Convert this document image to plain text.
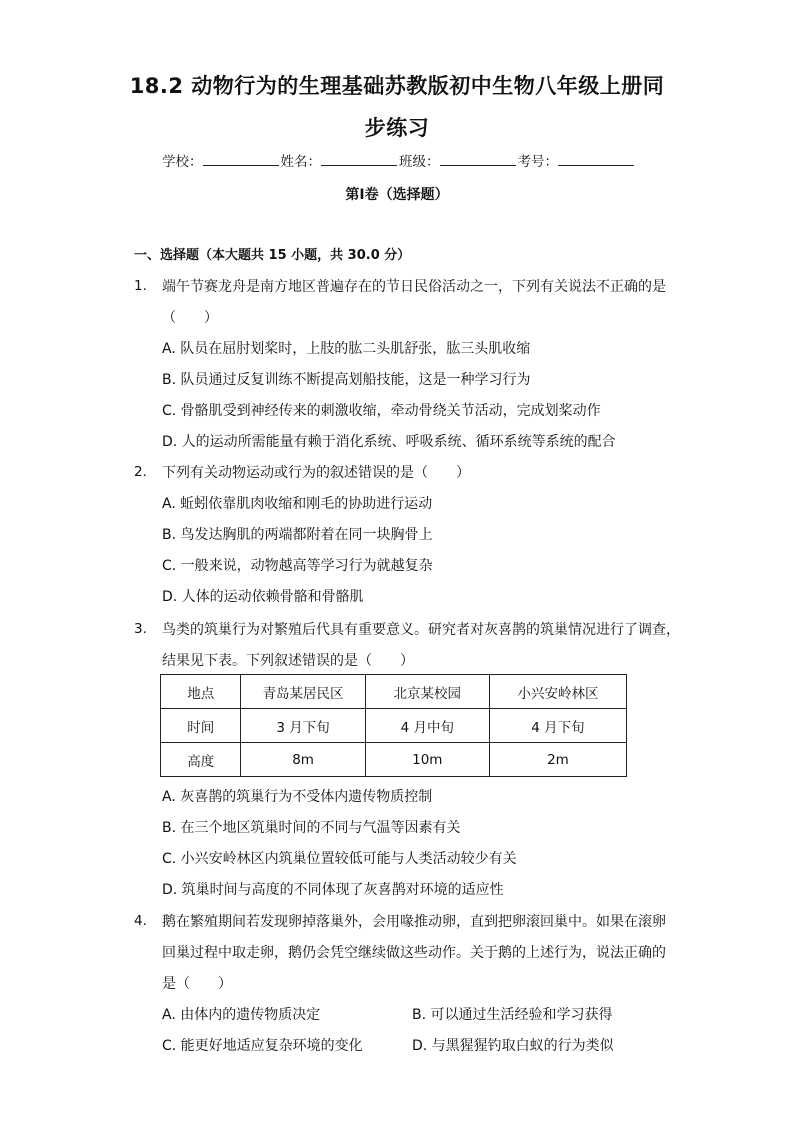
18.2 动物行为的生理基础苏教版初中生物八年级上册同
步练习
学校：	姓名：	班级：	考号：
第I卷（选择题）
一、选择题（本大题共 15 小题，共 30.0 分）
1. 端午节赛龙舟是南方地区普遍存在的节日民俗活动之一，下列有关说法不正确的是
（　　）
A. 队员在屈肘划桨时，上肢的肱二头肌舒张，肱三头肌收缩
B. 队员通过反复训练不断提高划船技能，这是一种学习行为
C. 骨骼肌受到神经传来的刺激收缩，牵动骨绕关节活动，完成划桨动作
D. 人的运动所需能量有赖于消化系统、呼吸系统、循环系统等系统的配合
2. 下列有关动物运动或行为的叙述错误的是（　　）
A. 蚯蚓依靠肌肉收缩和刚毛的协助进行运动
B. 鸟发达胸肌的两端都附着在同一块胸骨上
C. 一般来说，动物越高等学习行为就越复杂
D. 人体的运动依赖骨骼和骨骼肌
3. 鸟类的筑巢行为对繁殖后代具有重要意义。研究者对灰喜鹊的筑巢情况进行了调查，
结果见下表。下列叙述错误的是（　　）
地点	青岛某居民区	北京某校园	小兴安岭林区
时间	3 月下旬	4 月中旬	4 月下旬
高度	8m	10m	2m
A. 灰喜鹊的筑巢行为不受体内遗传物质控制
B. 在三个地区筑巢时间的不同与气温等因素有关
C. 小兴安岭林区内筑巢位置较低可能与人类活动较少有关
D. 筑巢时间与高度的不同体现了灰喜鹊对环境的适应性
4. 鹅在繁殖期间若发现卵掉落巢外，会用喙推动卵，直到把卵滚回巢中。如果在滚卵
回巢过程中取走卵，鹅仍会凭空继续做这些动作。关于鹅的上述行为，说法正确的
是（　　）
A. 由体内的遗传物质决定	B. 可以通过生活经验和学习获得
C. 能更好地适应复杂环境的变化	D. 与黑猩猩钓取白蚁的行为类似
